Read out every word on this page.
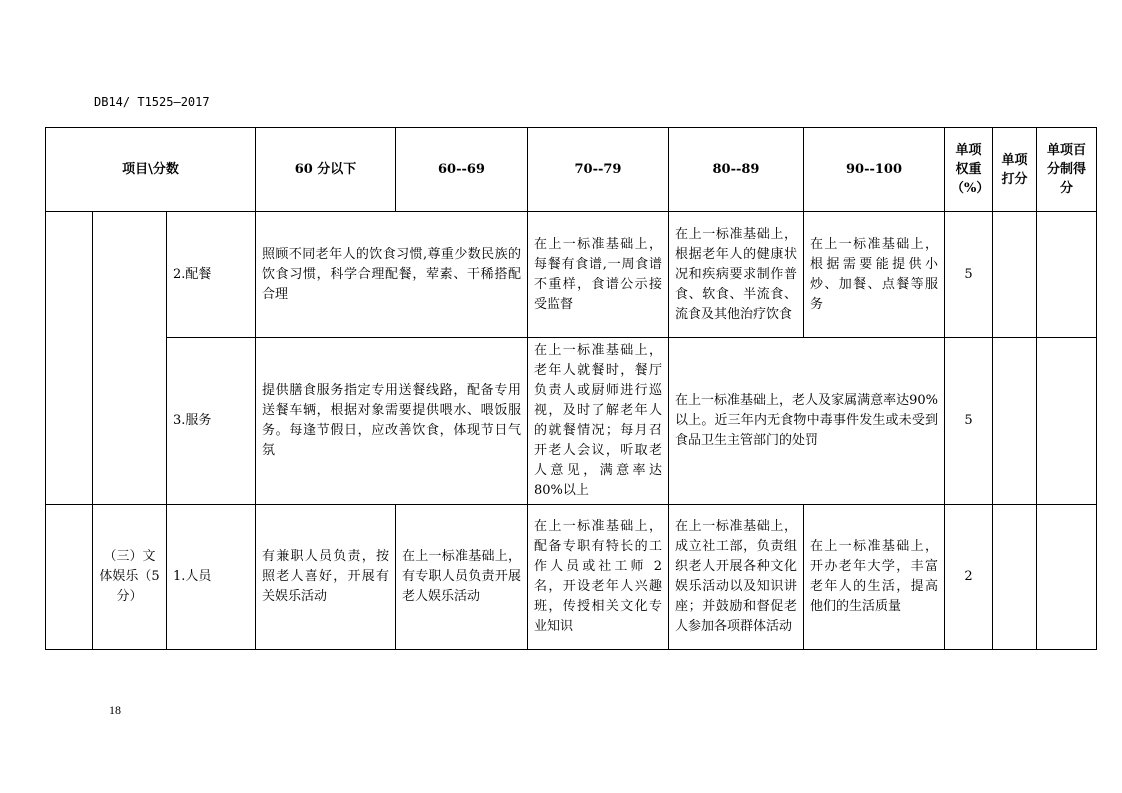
DB14/ T1525—2017
项目\分数			60 分以下	60--69	70--79	80--89	90--100	单项权重（%）	单项打分	单项百分制得分
		2.配餐	照顾不同老年人的饮食习惯,尊重少数民族的饮食习惯，科学合理配餐，荤素、干稀搭配合理		在上一标准基础上，每餐有食谱,一周食谱不重样，食谱公示接受监督	在上一标准基础上，根据老年人的健康状况和疾病要求制作普食、软食、半流食、流食及其他治疗饮食	在上一标准基础上，根据需要能提供小炒、加餐、点餐等服务	5		
		3.服务	提供膳食服务指定专用送餐线路，配备专用送餐车辆，根据对象需要提供喂水、喂饭服务。每逢节假日，应改善饮食，体现节日气氛		在上一标准基础上，老年人就餐时，餐厅负责人或厨师进行巡视，及时了解老年人的就餐情况；每月召开老人会议，听取老人意见，满意率达80%以上	在上一标准基础上，老人及家属满意率达90%以上。近三年内无食物中毒事件发生或未受到食品卫生主管部门的处罚		5		
	（三）文体娱乐（5分）	1.人员	有兼职人员负责，按照老人喜好，开展有关娱乐活动	在上一标准基础上，有专职人员负责开展老人娱乐活动	在上一标准基础上，配备专职有特长的工作人员或社工师 2 名，开设老年人兴趣班，传授相关文化专业知识	在上一标准基础上，成立社工部，负责组织老人开展各种文化娱乐活动以及知识讲座；并鼓励和督促老人参加各项群体活动	在上一标准基础上，开办老年大学，丰富老年人的生活，提高他们的生活质量	2		
18
